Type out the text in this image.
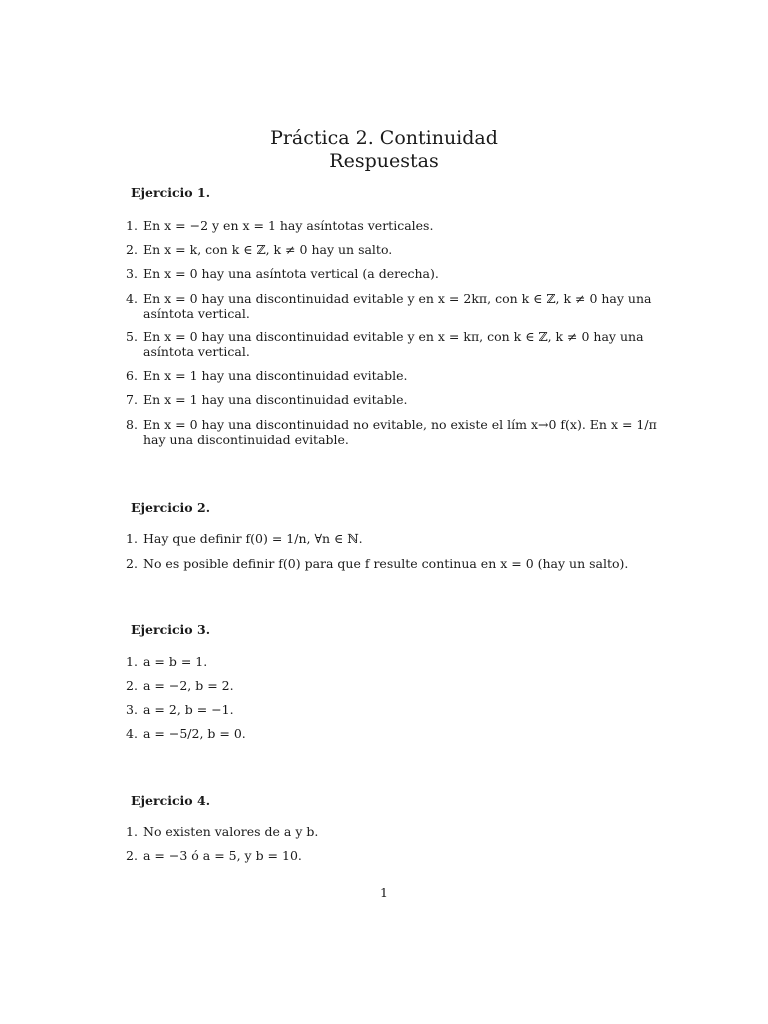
Práctica 2. Continuidad
Respuestas
Ejercicio 1.
1. En x = −2 y en x = 1 hay asíntotas verticales.
2. En x = k, con k ∈ ℤ, k ≠ 0 hay un salto.
3. En x = 0 hay una asíntota vertical (a derecha).
4. En x = 0 hay una discontinuidad evitable y en x = 2kπ, con k ∈ ℤ, k ≠ 0 hay una asíntota vertical.
5. En x = 0 hay una discontinuidad evitable y en x = kπ, con k ∈ ℤ, k ≠ 0 hay una asíntota vertical.
6. En x = 1 hay una discontinuidad evitable.
7. En x = 1 hay una discontinuidad evitable.
8. En x = 0 hay una discontinuidad no evitable, no existe el lím x→0 f(x). En x = 1/π hay una discontinuidad evitable.
Ejercicio 2.
1. Hay que definir f(0) = 1/n, ∀n ∈ ℕ.
2. No es posible definir f(0) para que f resulte continua en x = 0 (hay un salto).
Ejercicio 3.
1. a = b = 1.
2. a = −2, b = 2.
3. a = 2, b = −1.
4. a = −5/2, b = 0.
Ejercicio 4.
1. No existen valores de a y b.
2. a = −3 ó a = 5, y b = 10.
1
